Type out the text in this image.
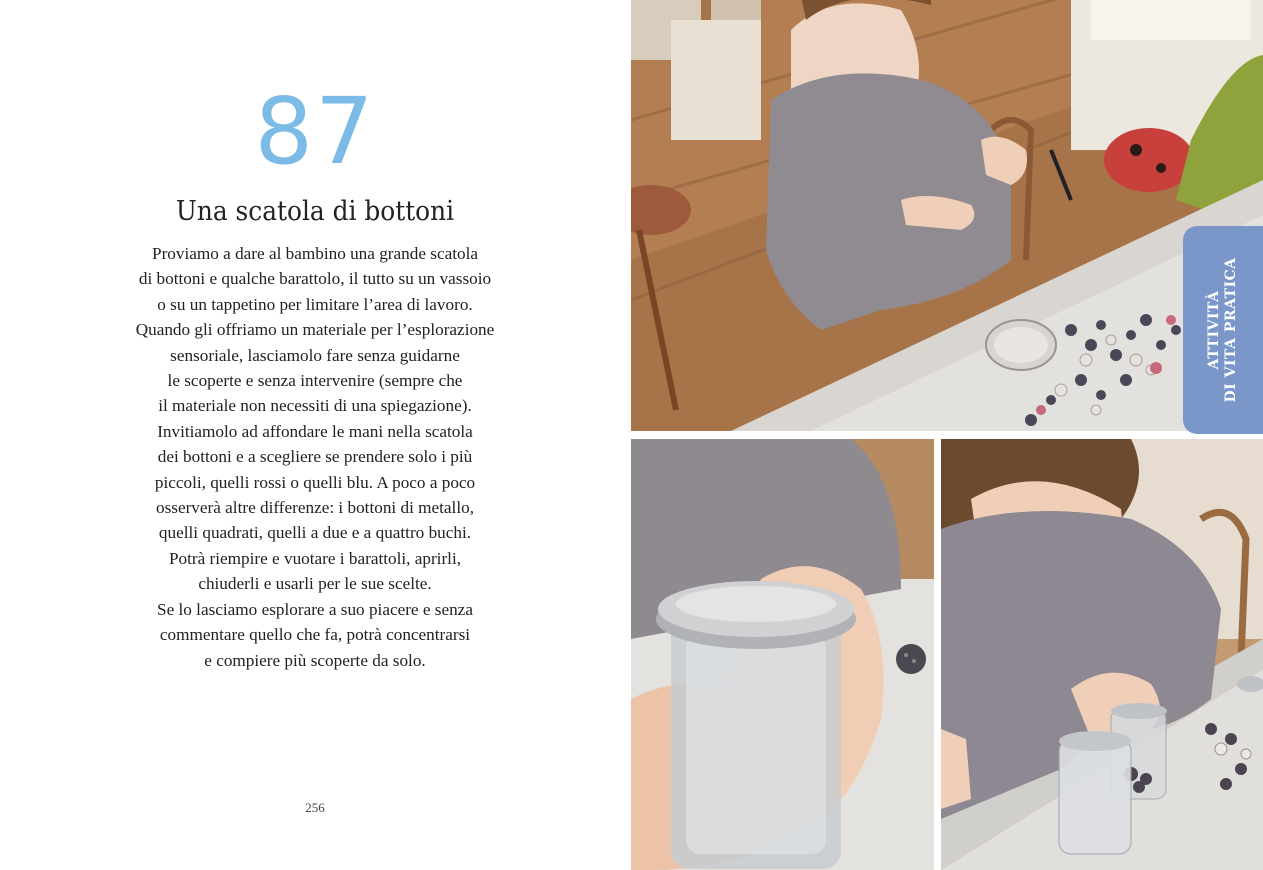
87
Una scatola di bottoni
Proviamo a dare al bambino una grande scatola
di bottoni e qualche barattolo, il tutto su un vassoio
o su un tappetino per limitare l’area di lavoro.
Quando gli offriamo un materiale per l’esplorazione
sensoriale, lasciamolo fare senza guidarne
le scoperte e senza intervenire (sempre che
il materiale non necessiti di una spiegazione).
Invitiamolo ad affondare le mani nella scatola
dei bottoni e a scegliere se prendere solo i più
piccoli, quelli rossi o quelli blu. A poco a poco
osserverà altre differenze: i bottoni di metallo,
quelli quadrati, quelli a due e a quattro buchi.
Potrà riempire e vuotare i barattoli, aprirli,
chiuderli e usarli per le sue scelte.
Se lo lasciamo esplorare a suo piacere e senza
commentare quello che fa, potrà concentrarsi
e compiere più scoperte da solo.
256
ATTIVITÀ DI VITA PRATICA
